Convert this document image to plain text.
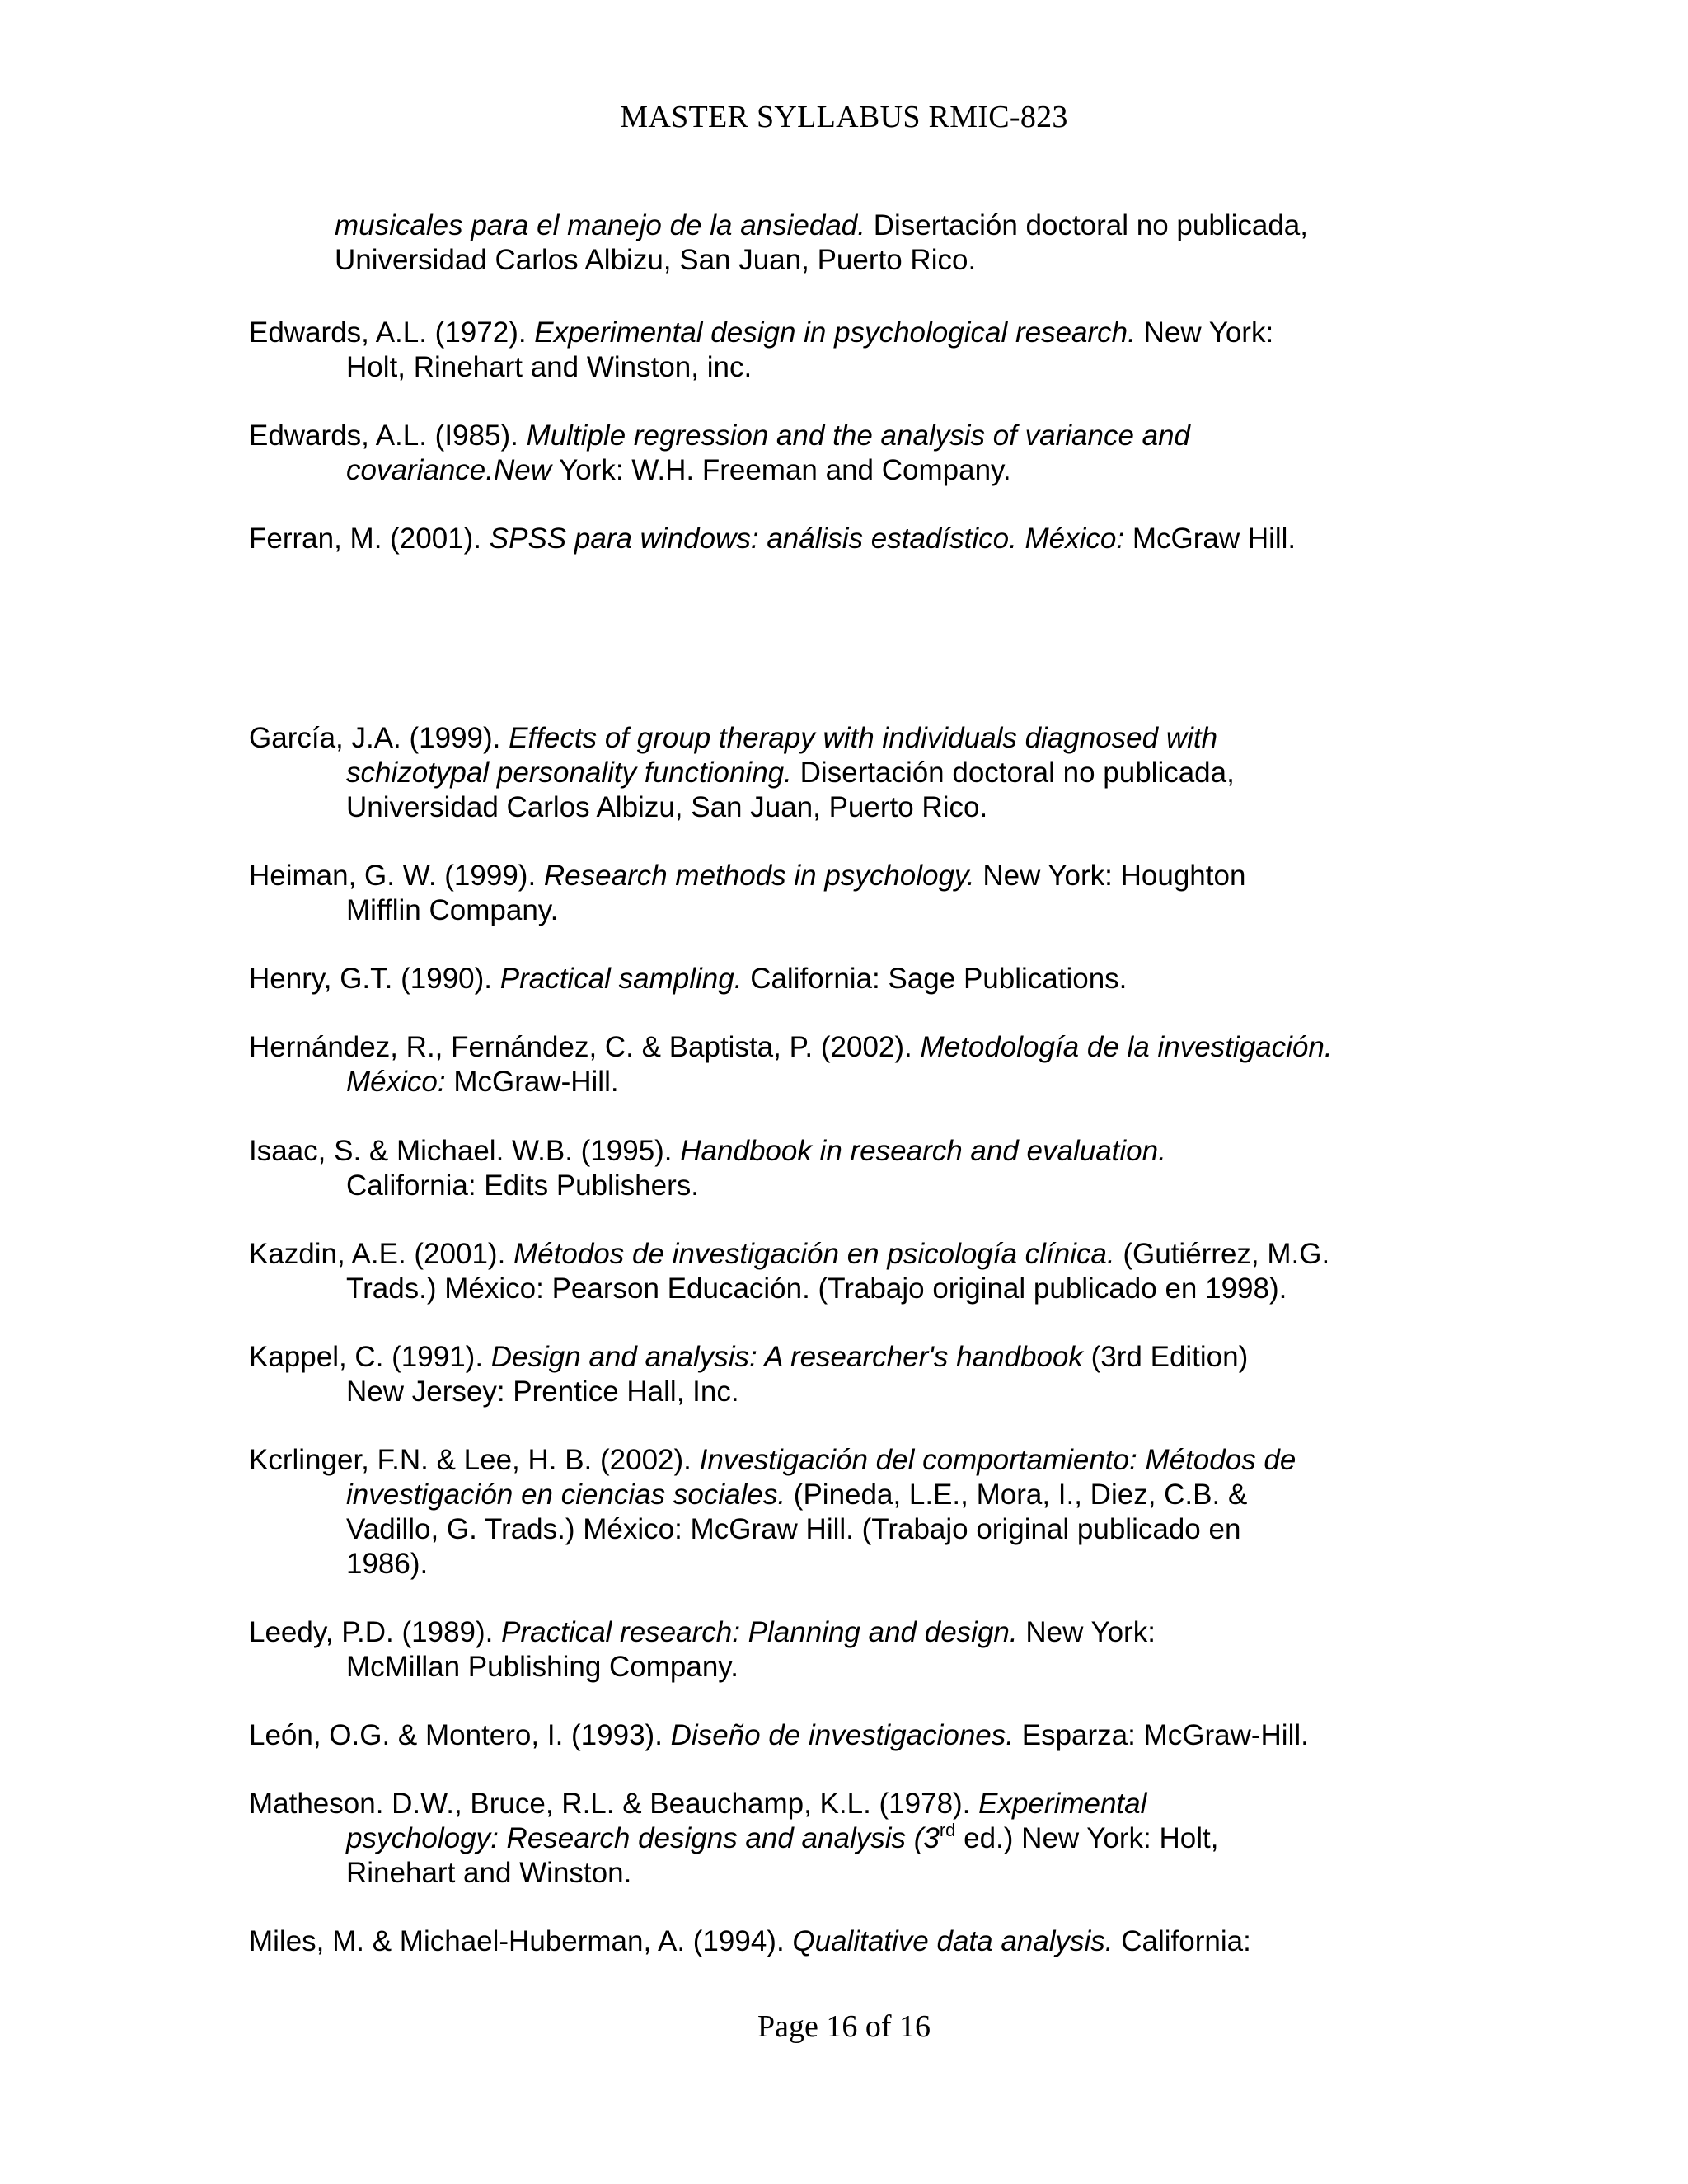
MASTER SYLLABUS RMIC-823
musicales para el manejo de la ansiedad. Disertación doctoral no publicada,
Universidad Carlos Albizu, San Juan, Puerto Rico.
Edwards, A.L. (1972). Experimental design in psychological research. New York:
Holt, Rinehart and Winston, inc.
Edwards, A.L. (I985). Multiple regression and the analysis of variance and
covariance.New York: W.H. Freeman and Company.
Ferran, M. (2001). SPSS para windows: análisis estadístico. México: McGraw Hill.
García, J.A. (1999). Effects of group therapy with individuals diagnosed with
schizotypal personality functioning. Disertación doctoral no publicada,
Universidad Carlos Albizu, San Juan, Puerto Rico.
Heiman, G. W. (1999). Research methods in psychology. New York: Houghton
Mifflin Company.
Henry, G.T. (1990). Practical sampling. California: Sage Publications.
Hernández, R., Fernández, C. & Baptista, P. (2002). Metodología de la investigación.
México: McGraw-Hill.
Isaac, S. & Michael. W.B. (1995). Handbook in research and evaluation.
California: Edits Publishers.
Kazdin, A.E. (2001). Métodos de investigación en psicología clínica. (Gutiérrez, M.G.
Trads.) México: Pearson Educación. (Trabajo original publicado en 1998).
Kappel, C. (1991). Design and analysis: A researcher's handbook (3rd Edition)
New Jersey: Prentice Hall, Inc.
Kcrlinger, F.N. & Lee, H. B. (2002). Investigación del comportamiento: Métodos de
investigación en ciencias sociales. (Pineda, L.E., Mora, I., Diez, C.B. &
Vadillo, G. Trads.) México: McGraw Hill. (Trabajo original publicado en
1986).
Leedy, P.D. (1989). Practical research: Planning and design. New York:
McMillan Publishing Company.
León, O.G. & Montero, I. (1993). Diseño de investigaciones. Esparza: McGraw-Hill.
Matheson. D.W., Bruce, R.L. & Beauchamp, K.L. (1978). Experimental
psychology: Research designs and analysis (3rd ed.) New York: Holt,
Rinehart and Winston.
Miles, M. & Michael-Huberman, A. (1994). Qualitative data analysis. California:
Page 16 of 16
